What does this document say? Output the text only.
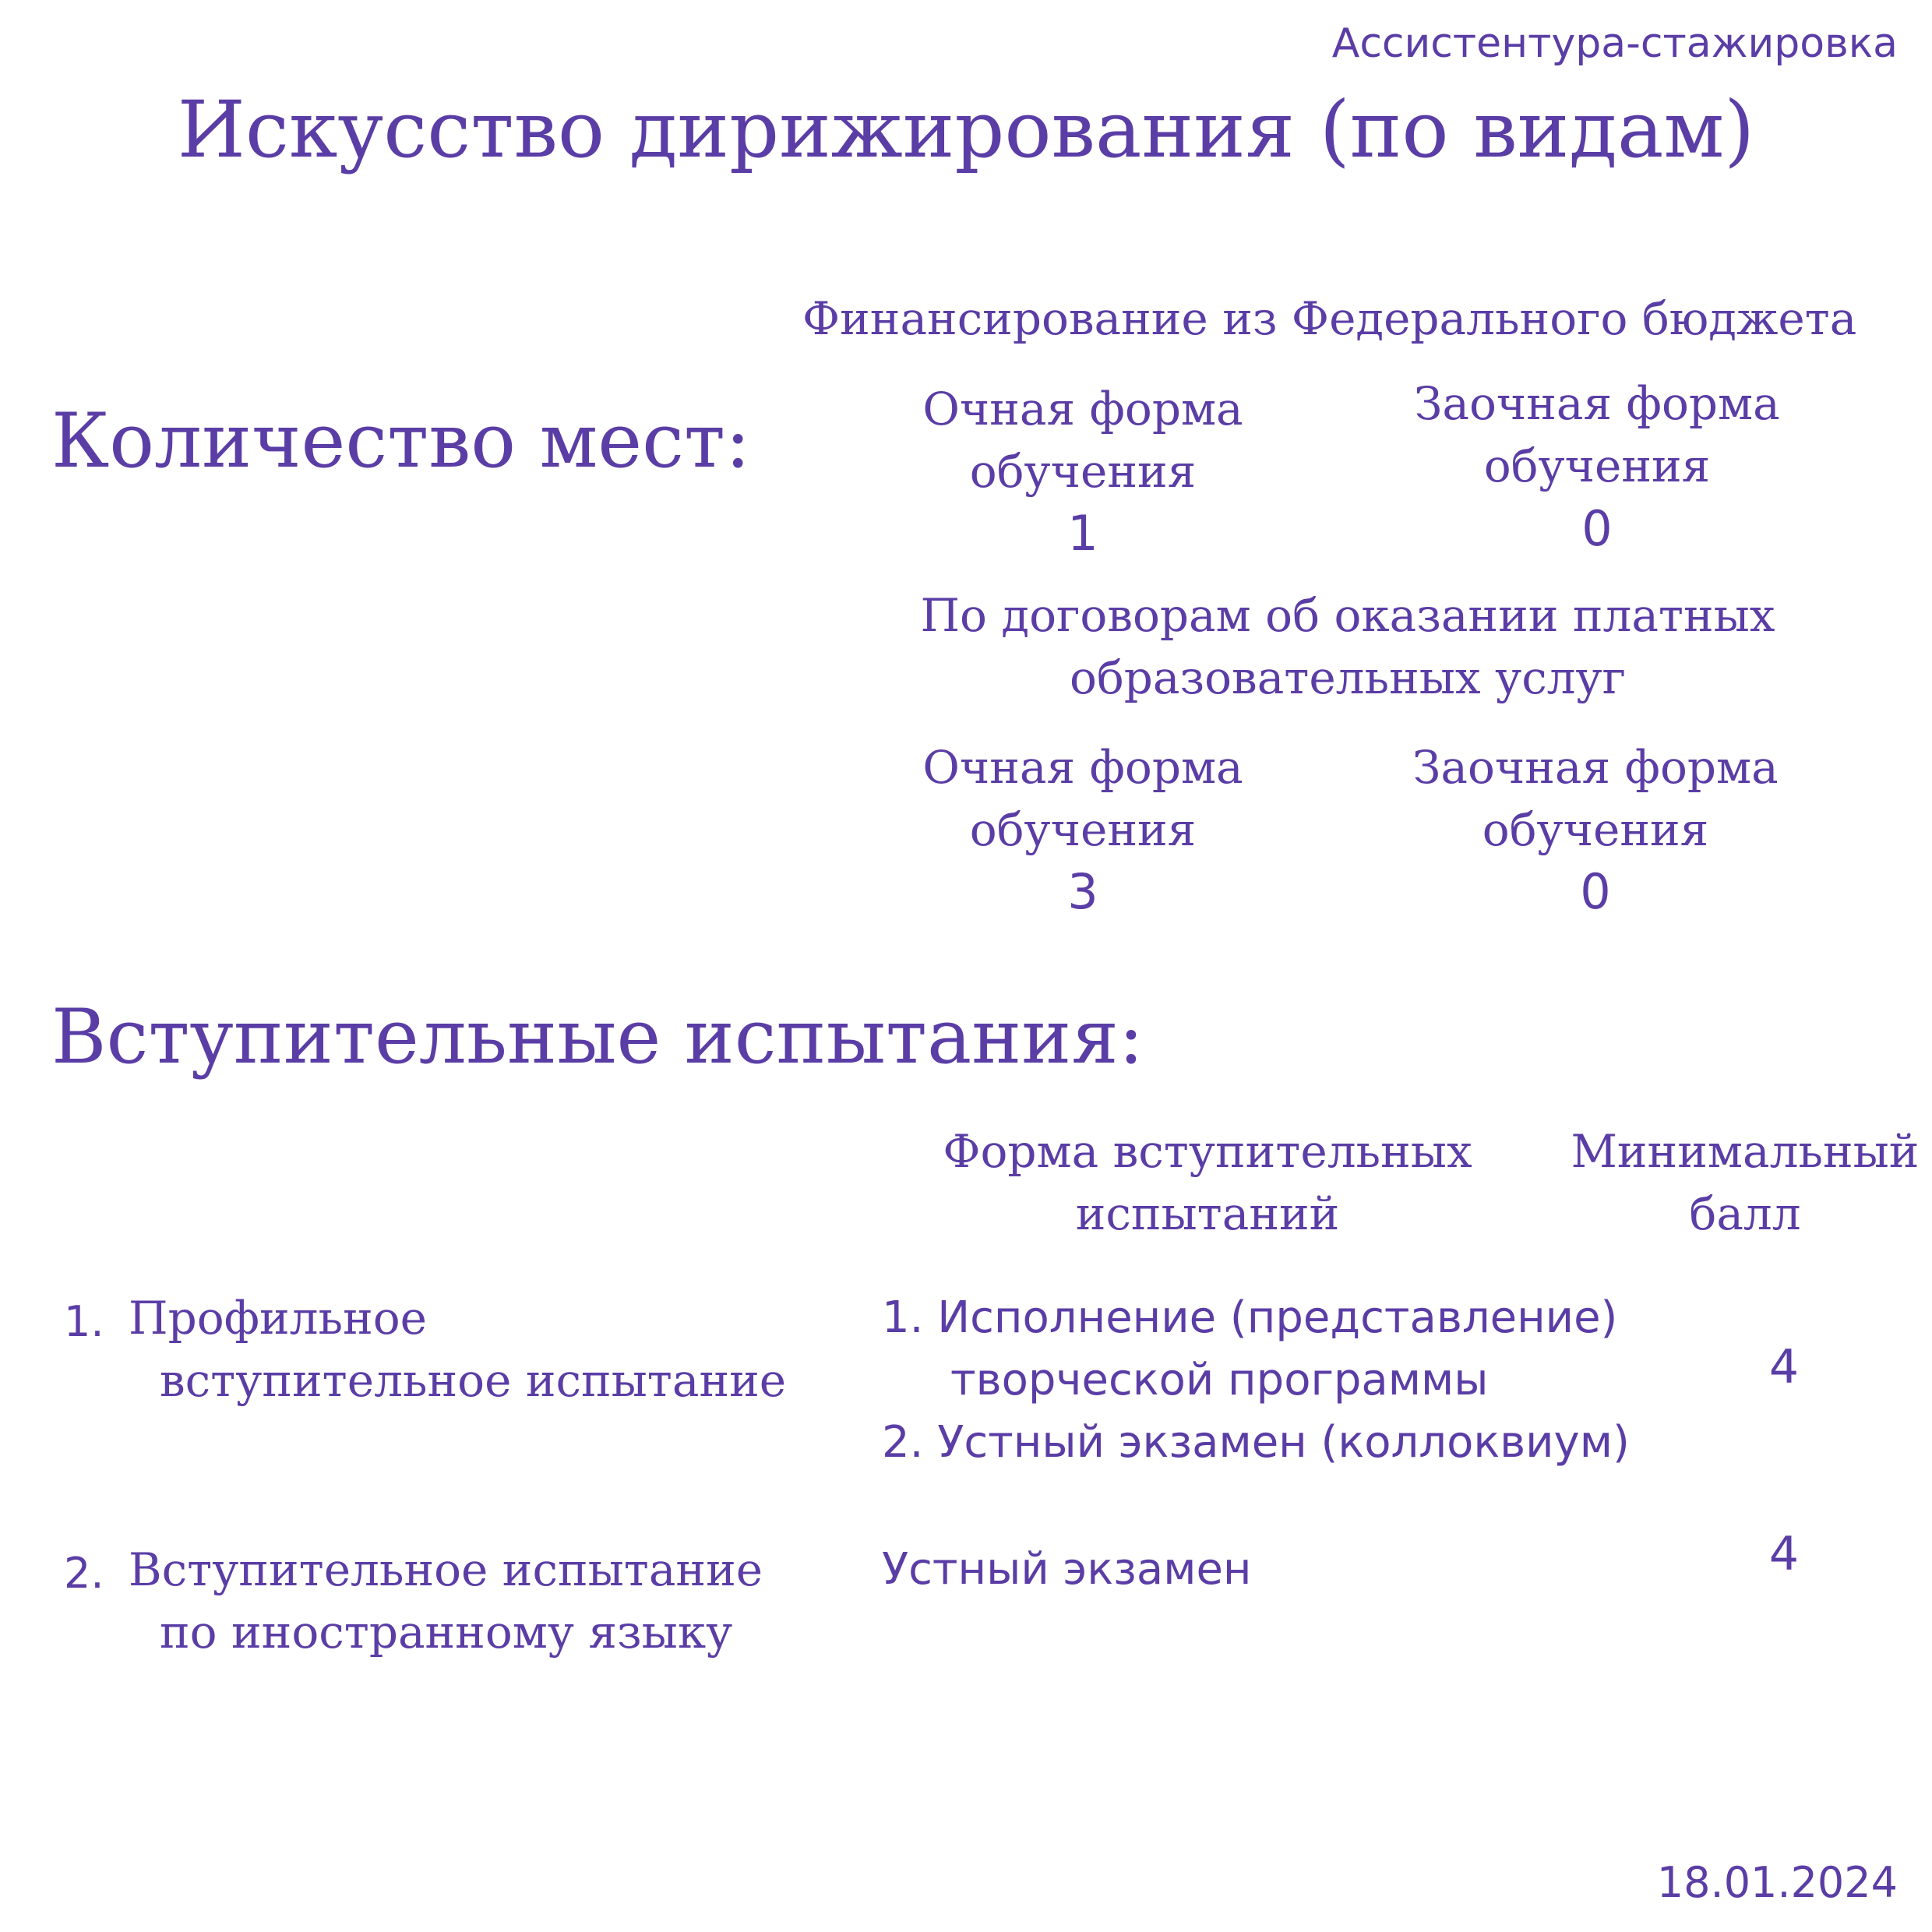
Ассистентура-стажировка
Искусство дирижирования (по видам)
Количество мест:
Финансирование из Федерального бюджета
Очная форма
обучения
1
Заочная форма
обучения
0
По договорам об оказании платных
образовательных услуг
Очная форма
обучения
3
Заочная форма
обучения
0
Вступительные испытания:
Форма вступительных
испытаний
Минимальный
балл
1. Профильное
вступительное испытание
1. Исполнение (представление)
творческой программы
2. Устный экзамен (коллоквиум)
4
2. Вступительное испытание
по иностранному языку
Устный экзамен	4
18.01.2024
